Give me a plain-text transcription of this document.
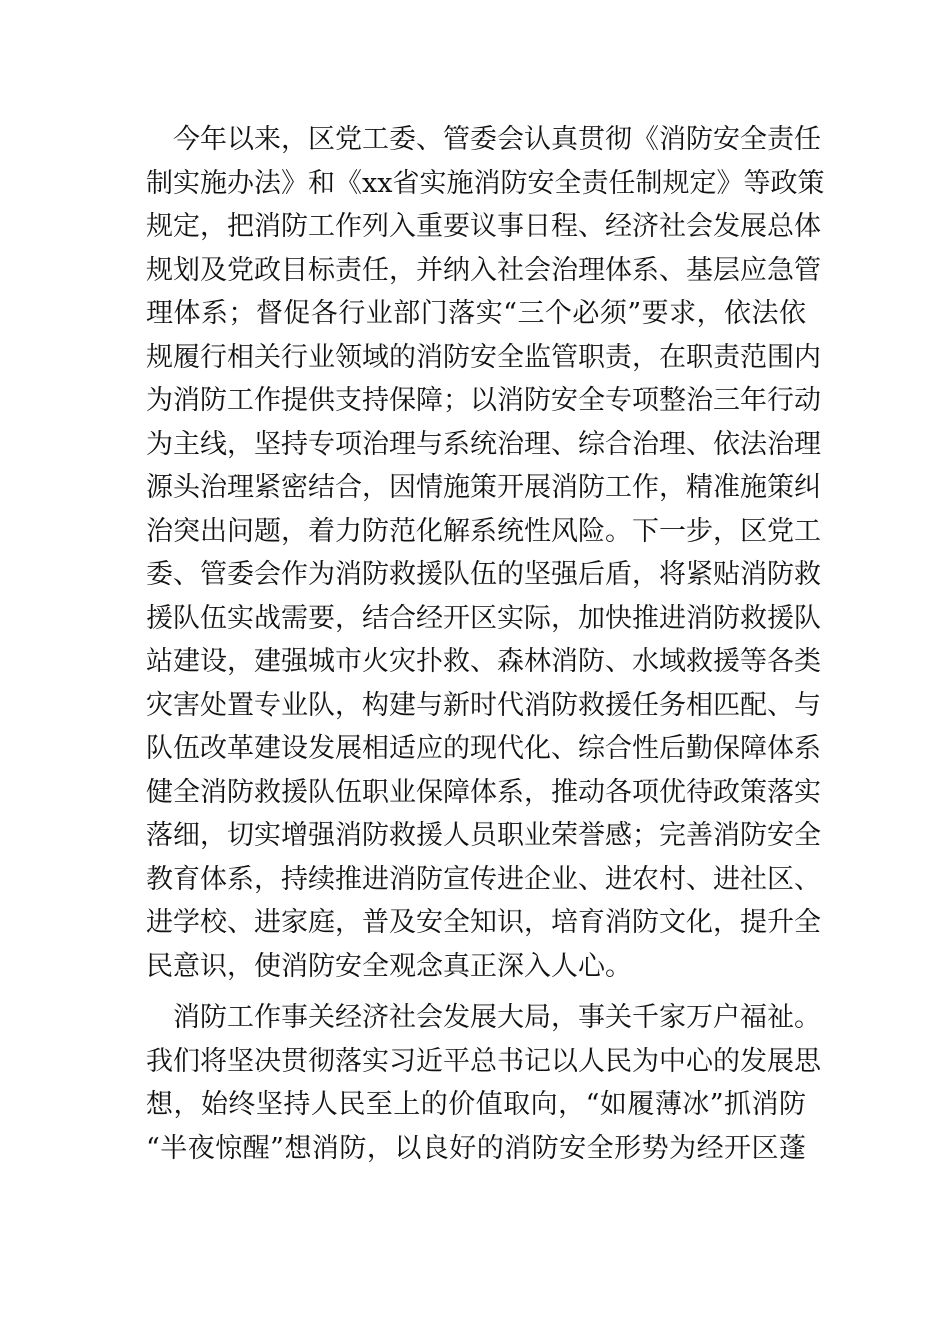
　今年以来，区党工委、管委会认真贯彻《消防安全责任
制实施办法》和《xx省实施消防安全责任制规定》等政策
规定，把消防工作列入重要议事日程、经济社会发展总体
规划及党政目标责任，并纳入社会治理体系、基层应急管
理体系；督促各行业部门落实“三个必须”要求，依法依
规履行相关行业领域的消防安全监管职责，在职责范围内
为消防工作提供支持保障；以消防安全专项整治三年行动
为主线，坚持专项治理与系统治理、综合治理、依法治理
源头治理紧密结合，因情施策开展消防工作，精准施策纠
治突出问题，着力防范化解系统性风险。下一步，区党工
委、管委会作为消防救援队伍的坚强后盾，将紧贴消防救
援队伍实战需要，结合经开区实际，加快推进消防救援队
站建设，建强城市火灾扑救、森林消防、水域救援等各类
灾害处置专业队，构建与新时代消防救援任务相匹配、与
队伍改革建设发展相适应的现代化、综合性后勤保障体系
健全消防救援队伍职业保障体系，推动各项优待政策落实
落细，切实增强消防救援人员职业荣誉感；完善消防安全
教育体系，持续推进消防宣传进企业、进农村、进社区、
进学校、进家庭，普及安全知识，培育消防文化，提升全
民意识，使消防安全观念真正深入人心。
　消防工作事关经济社会发展大局，事关千家万户福祉。
我们将坚决贯彻落实习近平总书记以人民为中心的发展思
想，始终坚持人民至上的价值取向，“如履薄冰”抓消防
“半夜惊醒”想消防，以良好的消防安全形势为经开区蓬
